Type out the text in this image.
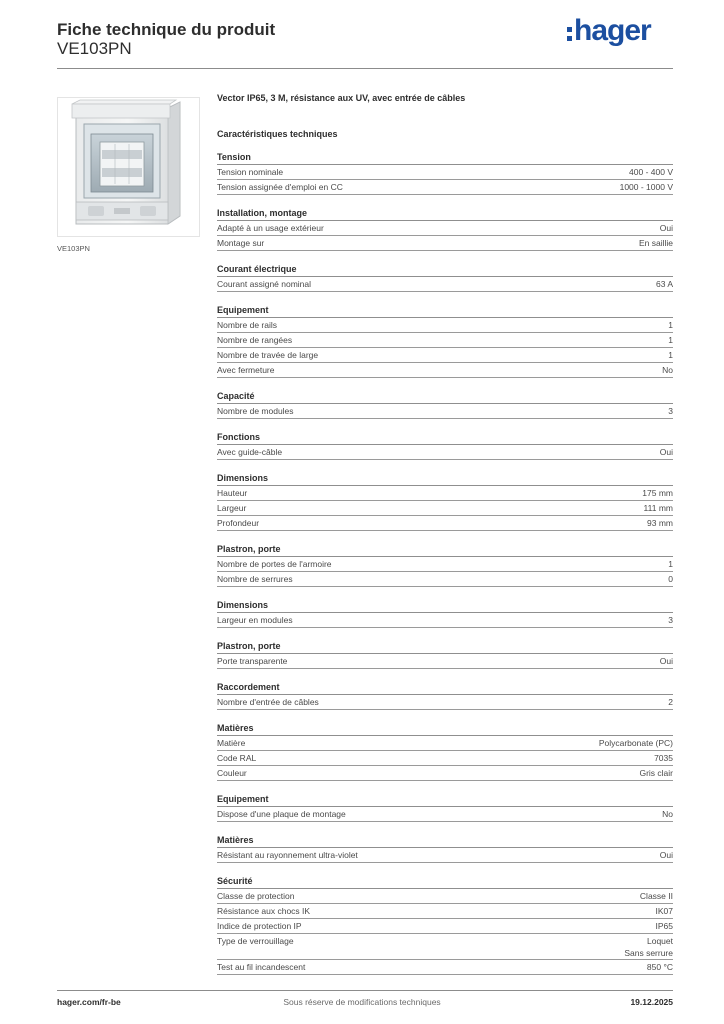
Fiche technique du produit
VE103PN
hager
VE103PN
Vector IP65, 3 M, résistance aux UV, avec entrée de câbles
Caractéristiques techniques
Tension
Tension nominale	400 - 400 V
Tension assignée d'emploi en CC	1000 - 1000 V
Installation, montage
Adapté à un usage extérieur	Oui
Montage sur	En saillie
Courant électrique
Courant assigné nominal	63 A
Equipement
Nombre de rails	1
Nombre de rangées	1
Nombre de travée de large	1
Avec fermeture	No
Capacité
Nombre de modules	3
Fonctions
Avec guide-câble	Oui
Dimensions
Hauteur	175 mm
Largeur	111 mm
Profondeur	93 mm
Plastron, porte
Nombre de portes de l'armoire	1
Nombre de serrures	0
Dimensions
Largeur en modules	3
Plastron, porte
Porte transparente	Oui
Raccordement
Nombre d'entrée de câbles	2
Matières
Matière	Polycarbonate (PC)
Code RAL	7035
Couleur	Gris clair
Equipement
Dispose d'une plaque de montage	No
Matières
Résistant au rayonnement ultra-violet	Oui
Sécurité
Classe de protection	Classe II
Résistance aux chocs IK	IK07
Indice de protection IP	IP65
Type de verrouillage	Loquet
Sans serrure
Test au fil incandescent	850 °C
hager.com/fr-be	Sous réserve de modifications techniques	19.12.2025
